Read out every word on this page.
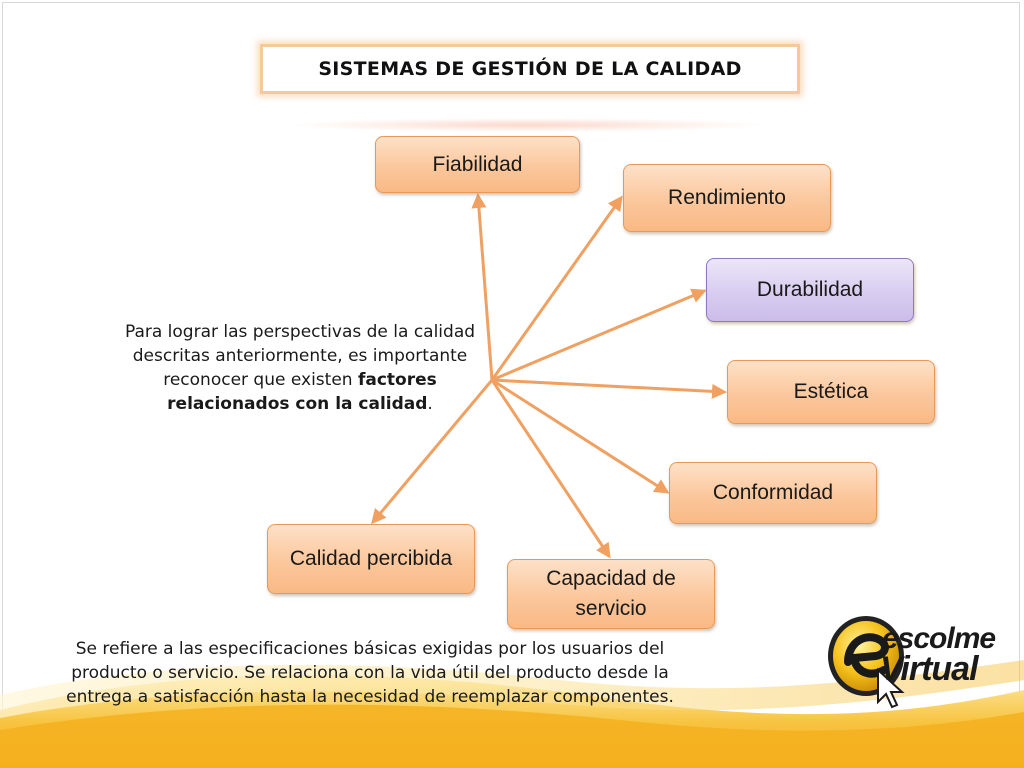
SISTEMAS DE GESTIÓN DE LA CALIDAD
Fiabilidad
Rendimiento
Durabilidad
Estética
Conformidad
Capacidad de
servicio
Calidad percibida
Para lograr las perspectivas de la calidad descritas anteriormente, es importante reconocer que existen factores relacionados con la calidad.
Se refiere a las especificaciones básicas exigidas por los usuarios del producto o servicio. Se relaciona con la vida útil del producto desde la entrega a satisfacción hasta la necesidad de reemplazar componentes.
escolme
Virtual
